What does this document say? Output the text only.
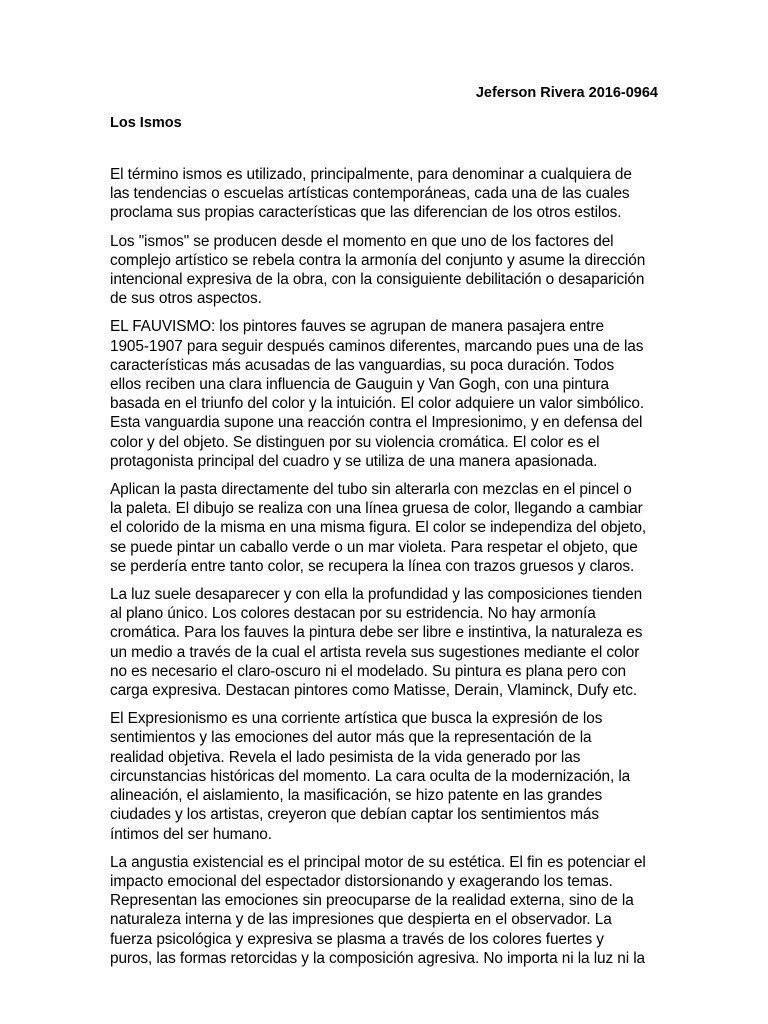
Jeferson Rivera 2016-0964
Los Ismos

El término ismos es utilizado, principalmente, para denominar a cualquiera de
las tendencias o escuelas artísticas contemporáneas, cada una de las cuales
proclama sus propias características que las diferencian de los otros estilos.

Los "ismos" se producen desde el momento en que uno de los factores del
complejo artístico se rebela contra la armonía del conjunto y asume la dirección
intencional expresiva de la obra, con la consiguiente debilitación o desaparición
de sus otros aspectos.

EL FAUVISMO: los pintores fauves se agrupan de manera pasajera entre
1905-1907 para seguir después caminos diferentes, marcando pues una de las
características más acusadas de las vanguardias, su poca duración. Todos
ellos reciben una clara influencia de Gauguin y Van Gogh, con una pintura
basada en el triunfo del color y la intuición. El color adquiere un valor simbólico.
Esta vanguardia supone una reacción contra el Impresionimo, y en defensa del
color y del objeto. Se distinguen por su violencia cromática. El color es el
protagonista principal del cuadro y se utiliza de una manera apasionada.

Aplican la pasta directamente del tubo sin alterarla con mezclas en el pincel o
la paleta. El dibujo se realiza con una línea gruesa de color, llegando a cambiar
el colorido de la misma en una misma figura. El color se independiza del objeto,
se puede pintar un caballo verde o un mar violeta. Para respetar el objeto, que
se perdería entre tanto color, se recupera la línea con trazos gruesos y claros.

La luz suele desaparecer y con ella la profundidad y las composiciones tienden
al plano único. Los colores destacan por su estridencia. No hay armonía
cromática. Para los fauves la pintura debe ser libre e instintiva, la naturaleza es
un medio a través de la cual el artista revela sus sugestiones mediante el color
no es necesario el claro-oscuro ni el modelado. Su pintura es plana pero con
carga expresiva. Destacan pintores como Matisse, Derain, Vlaminck, Dufy etc.

El Expresionismo es una corriente artística que busca la expresión de los
sentimientos y las emociones del autor más que la representación de la
realidad objetiva. Revela el lado pesimista de la vida generado por las
circunstancias históricas del momento. La cara oculta de la modernización, la
alineación, el aislamiento, la masificación, se hizo patente en las grandes
ciudades y los artistas, creyeron que debían captar los sentimientos más
íntimos del ser humano.

La angustia existencial es el principal motor de su estética. El fin es potenciar el
impacto emocional del espectador distorsionando y exagerando los temas.
Representan las emociones sin preocuparse de la realidad externa, sino de la
naturaleza interna y de las impresiones que despierta en el observador. La
fuerza psicológica y expresiva se plasma a través de los colores fuertes y
puros, las formas retorcidas y la composición agresiva. No importa ni la luz ni la
